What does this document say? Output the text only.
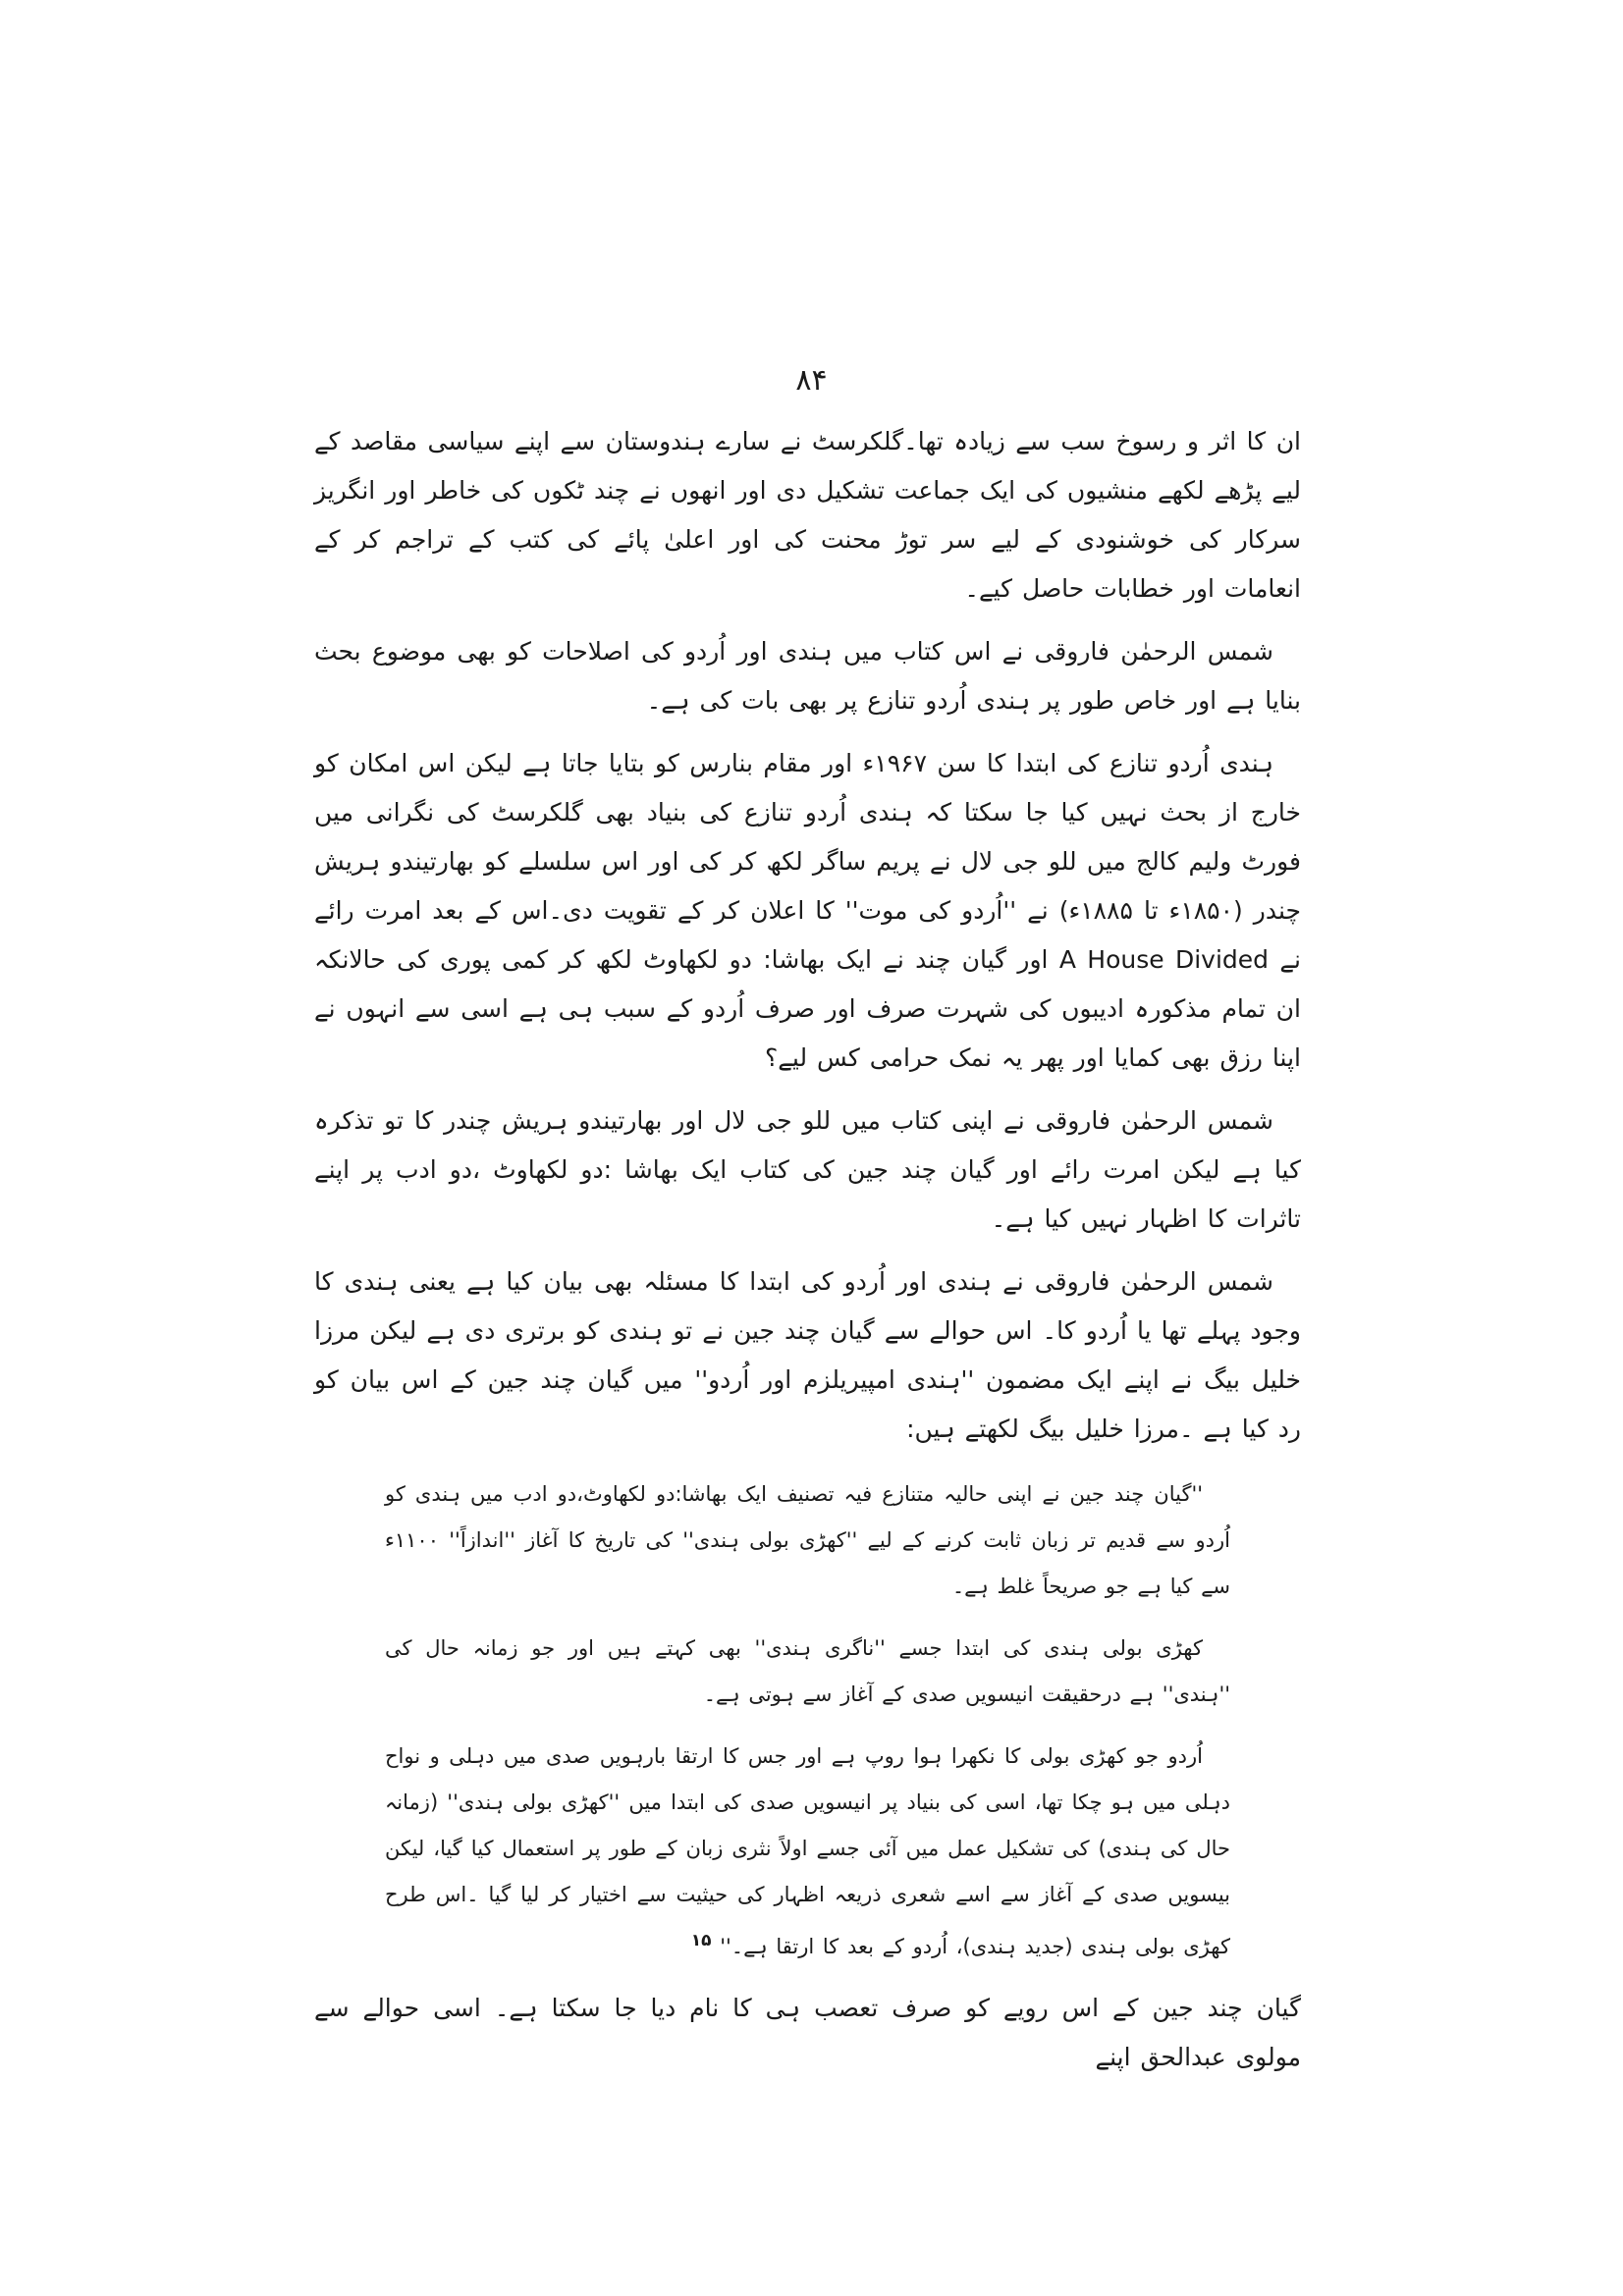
۸۴

ان کا اثر و رسوخ سب سے زیادہ تھا۔گلکرسٹ نے سارے ہندوستان سے اپنے سیاسی مقاصد کے لیے پڑھے لکھے منشیوں کی ایک جماعت تشکیل دی اور انھوں نے چند ٹکوں کی خاطر اور انگریز سرکار کی خوشنودی کے لیے سر توڑ محنت کی اور اعلیٰ پائے کی کتب کے تراجم کر کے انعامات اور خطابات حاصل کیے۔

شمس الرحمٰن فاروقی نے اس کتاب میں ہندی اور اُردو کی اصلاحات کو بھی موضوع بحث بنایا ہے اور خاص طور پر ہندی اُردو تنازع پر بھی بات کی ہے۔

ہندی اُردو تنازع کی ابتدا کا سن ۱۹۶۷ء اور مقام بنارس کو بتایا جاتا ہے لیکن اس امکان کو خارج از بحث نہیں کیا جا سکتا کہ ہندی اُردو تنازع کی بنیاد بھی گلکرسٹ کی نگرانی میں فورٹ ولیم کالج میں للو جی لال نے پریم ساگر لکھ کر کی اور اس سلسلے کو بھارتیندو ہریش چندر (۱۸۵۰ء تا ۱۸۸۵ء) نے ''اُردو کی موت'' کا اعلان کر کے تقویت دی۔اس کے بعد امرت رائے نے A House Divided اور گیان چند نے ایک بھاشا: دو لکھاوٹ لکھ کر کمی پوری کی حالانکہ ان تمام مذکورہ ادیبوں کی شہرت صرف اور صرف اُردو کے سبب ہی ہے اسی سے انہوں نے اپنا رزق بھی کمایا اور پھر یہ نمک حرامی کس لیے؟

شمس الرحمٰن فاروقی نے اپنی کتاب میں للو جی لال اور بھارتیندو ہریش چندر کا تو تذکرہ کیا ہے لیکن امرت رائے اور گیان چند جین کی کتاب ایک بھاشا :دو لکھاوٹ ،دو ادب پر اپنے تاثرات کا اظہار نہیں کیا ہے۔

شمس الرحمٰن فاروقی نے ہندی اور اُردو کی ابتدا کا مسئلہ بھی بیان کیا ہے یعنی ہندی کا وجود پہلے تھا یا اُردو کا۔ اس حوالے سے گیان چند جین نے تو ہندی کو برتری دی ہے لیکن مرزا خلیل بیگ نے اپنے ایک مضمون ''ہندی امپیریلزم اور اُردو'' میں گیان چند جین کے اس بیان کو رد کیا ہے ۔مرزا خلیل بیگ لکھتے ہیں:

''گیان چند جین نے اپنی حالیہ متنازع فیہ تصنیف ایک بھاشا:دو لکھاوٹ،دو ادب میں ہندی کو اُردو سے قدیم تر زبان ثابت کرنے کے لیے ''کھڑی بولی ہندی'' کی تاریخ کا آغاز ''اندازاً'' ۱۱۰۰ء سے کیا ہے جو صریحاً غلط ہے۔

کھڑی بولی ہندی کی ابتدا جسے ''ناگری ہندی'' بھی کہتے ہیں اور جو زمانہ حال کی ''ہندی'' ہے درحقیقت انیسویں صدی کے آغاز سے ہوتی ہے۔

اُردو جو کھڑی بولی کا نکھرا ہوا روپ ہے اور جس کا ارتقا بارہویں صدی میں دہلی و نواح دہلی میں ہو چکا تھا، اسی کی بنیاد پر انیسویں صدی کی ابتدا میں ''کھڑی بولی ہندی'' (زمانہ حال کی ہندی) کی تشکیل عمل میں آئی جسے اولاً نثری زبان کے طور پر استعمال کیا گیا، لیکن بیسویں صدی کے آغاز سے اسے شعری ذریعہ اظہار کی حیثیت سے اختیار کر لیا گیا ۔اس طرح کھڑی بولی ہندی (جدید ہندی)، اُردو کے بعد کا ارتقا ہے۔'' $^{۱۵}$

گیان چند جین کے اس رویے کو صرف تعصب ہی کا نام دیا جا سکتا ہے۔ اسی حوالے سے مولوی عبدالحق اپنے
